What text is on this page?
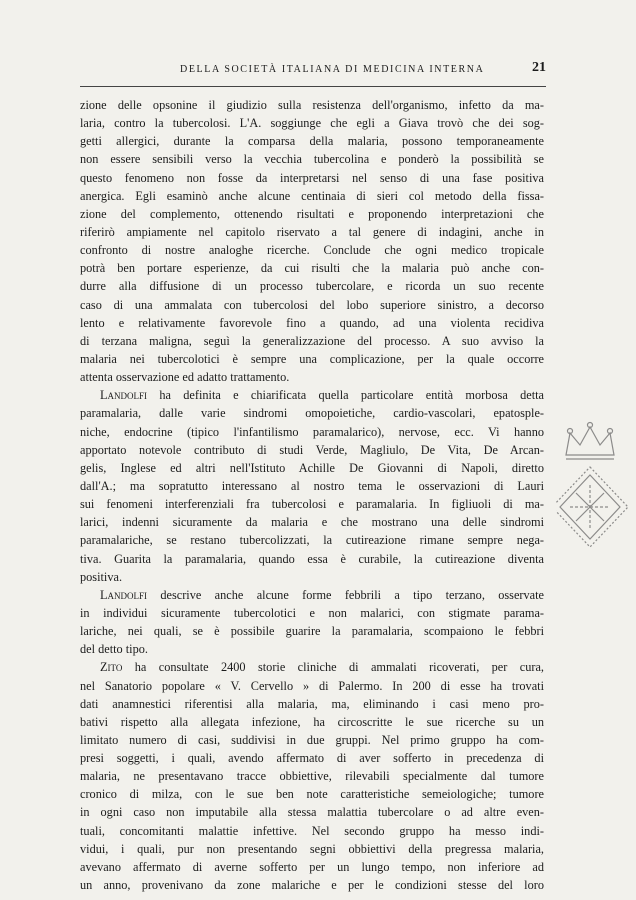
DELLA SOCIETÀ ITALIANA DI MEDICINA INTERNA	21
zione delle opsonine il giudizio sulla resistenza dell'organismo, infetto da ma-
laria, contro la tubercolosi. L'A. soggiunge che egli a Giava trovò che dei sog-
getti allergici, durante la comparsa della malaria, possono temporaneamente
non essere sensibili verso la vecchia tubercolina e ponderò la possibilità se
questo fenomeno non fosse da interpretarsi nel senso di una fase positiva
anergica. Egli esaminò anche alcune centinaia di sieri col metodo della fissa-
zione del complemento, ottenendo risultati e proponendo interpretazioni che
riferirò ampiamente nel capitolo riservato a tal genere di indagini, anche in
confronto di nostre analoghe ricerche. Conclude che ogni medico tropicale
potrà ben portare esperienze, da cui risulti che la malaria può anche con-
durre alla diffusione di un processo tubercolare, e ricorda un suo recente
caso di una ammalata con tubercolosi del lobo superiore sinistro, a decorso
lento e relativamente favorevole fino a quando, ad una violenta recidiva
di terzana maligna, seguì la generalizzazione del processo. A suo avviso la
malaria nei tubercolotici è sempre una complicazione, per la quale occorre
attenta osservazione ed adatto trattamento.
Landolfi ha definita e chiarificata quella particolare entità morbosa detta
paramalaria, dalle varie sindromi omopoietiche, cardio-vascolari, epatosple-
niche, endocrine (tipico l'infantilismo paramalarico), nervose, ecc. Vi hanno
apportato notevole contributo di studi Verde, Magliulo, De Vita, De Arcan-
gelis, Inglese ed altri nell'Istituto Achille De Giovanni di Napoli, diretto
dall'A.; ma sopratutto interessano al nostro tema le osservazioni di Lauri
sui fenomeni interferenziali fra tubercolosi e paramalaria. In figliuoli di ma-
larici, indenni sicuramente da malaria e che mostrano una delle sindromi
paramalariche, se restano tubercolizzati, la cutireazione rimane sempre nega-
tiva. Guarita la paramalaria, quando essa è curabile, la cutireazione diventa
positiva.
Landolfi descrive anche alcune forme febbrili a tipo terzano, osservate
in individui sicuramente tubercolotici e non malarici, con stigmate parama-
lariche, nei quali, se è possibile guarire la paramalaria, scompaiono le febbri
del detto tipo.
Zito ha consultate 2400 storie cliniche di ammalati ricoverati, per cura,
nel Sanatorio popolare « V. Cervello » di Palermo. In 200 di esse ha trovati
dati anamnestici riferentisi alla malaria, ma, eliminando i casi meno pro-
bativi rispetto alla allegata infezione, ha circoscritte le sue ricerche su un
limitato numero di casi, suddivisi in due gruppi. Nel primo gruppo ha com-
presi soggetti, i quali, avendo affermato di aver sofferto in precedenza di
malaria, ne presentavano tracce obbiettive, rilevabili specialmente dal tumore
cronico di milza, con le sue ben note caratteristiche semeiologiche; tumore
in ogni caso non imputabile alla stessa malattia tubercolare o ad altre even-
tuali, concomitanti malattie infettive. Nel secondo gruppo ha messo indi-
vidui, i quali, pur non presentando segni obbiettivi della pregressa malaria,
avevano affermato di averne sofferto per un lungo tempo, non inferiore ad
un anno, provenivano da zone malariche e per le condizioni stesse del loro
